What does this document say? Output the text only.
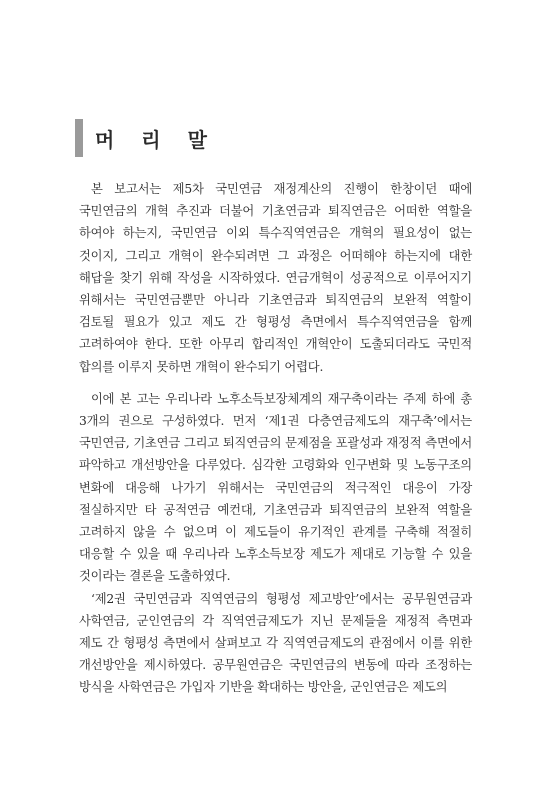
머 리 말

본 보고서는 제5차 국민연금 재정계산의 진행이 한창이던 때에 국민연금의 개혁 추진과 더불어 기초연금과 퇴직연금은 어떠한 역할을 하여야 하는지, 국민연금 이외 특수직역연금은 개혁의 필요성이 없는 것이지, 그리고 개혁이 완수되려면 그 과정은 어떠해야 하는지에 대한 해답을 찾기 위해 작성을 시작하였다. 연금개혁이 성공적으로 이루어지기 위해서는 국민연금뿐만 아니라 기초연금과 퇴직연금의 보완적 역할이 검토될 필요가 있고 제도 간 형평성 측면에서 특수직역연금을 함께 고려하여야 한다. 또한 아무리 합리적인 개혁안이 도출되더라도 국민적 합의를 이루지 못하면 개혁이 완수되기 어렵다.

이에 본 고는 우리나라 노후소득보장체계의 재구축이라는 주제 하에 총 3개의 권으로 구성하였다. 먼저 ‘제1권 다층연금제도의 재구축’에서는 국민연금, 기초연금 그리고 퇴직연금의 문제점을 포괄성과 재정적 측면에서 파악하고 개선방안을 다루었다. 심각한 고령화와 인구변화 및 노동구조의 변화에 대응해 나가기 위해서는 국민연금의 적극적인 대응이 가장 절실하지만 타 공적연금 예컨대, 기초연금과 퇴직연금의 보완적 역할을 고려하지 않을 수 없으며 이 제도들이 유기적인 관계를 구축해 적절히 대응할 수 있을 때 우리나라 노후소득보장 제도가 제대로 기능할 수 있을 것이라는 결론을 도출하였다.

‘제2권 국민연금과 직역연금의 형평성 제고방안’에서는 공무원연금과 사학연금, 군인연금의 각 직역연금제도가 지닌 문제들을 재정적 측면과 제도 간 형평성 측면에서 살펴보고 각 직역연금제도의 관점에서 이를 위한 개선방안을 제시하였다. 공무원연금은 국민연금의 변동에 따라 조정하는 방식을 사학연금은 가입자 기반을 확대하는 방안을, 군인연금은 제도의
